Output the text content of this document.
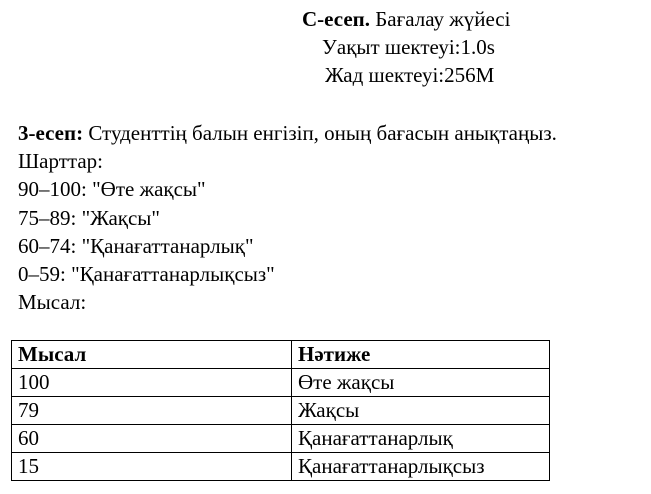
С-есеп. Бағалау жүйесі
Уақыт шектеуі:1.0s
Жад шектеуі:256M
3-есеп: Студенттің балын енгізіп, оның бағасын анықтаңыз.
Шарттар:
90–100: "Өте жақсы"
75–89: "Жақсы"
60–74: "Қанағаттанарлық"
0–59: "Қанағаттанарлықсыз"
Мысал:
Мысал	Нәтиже
100	Өте жақсы
79	Жақсы
60	Қанағаттанарлық
15	Қанағаттанарлықсыз
